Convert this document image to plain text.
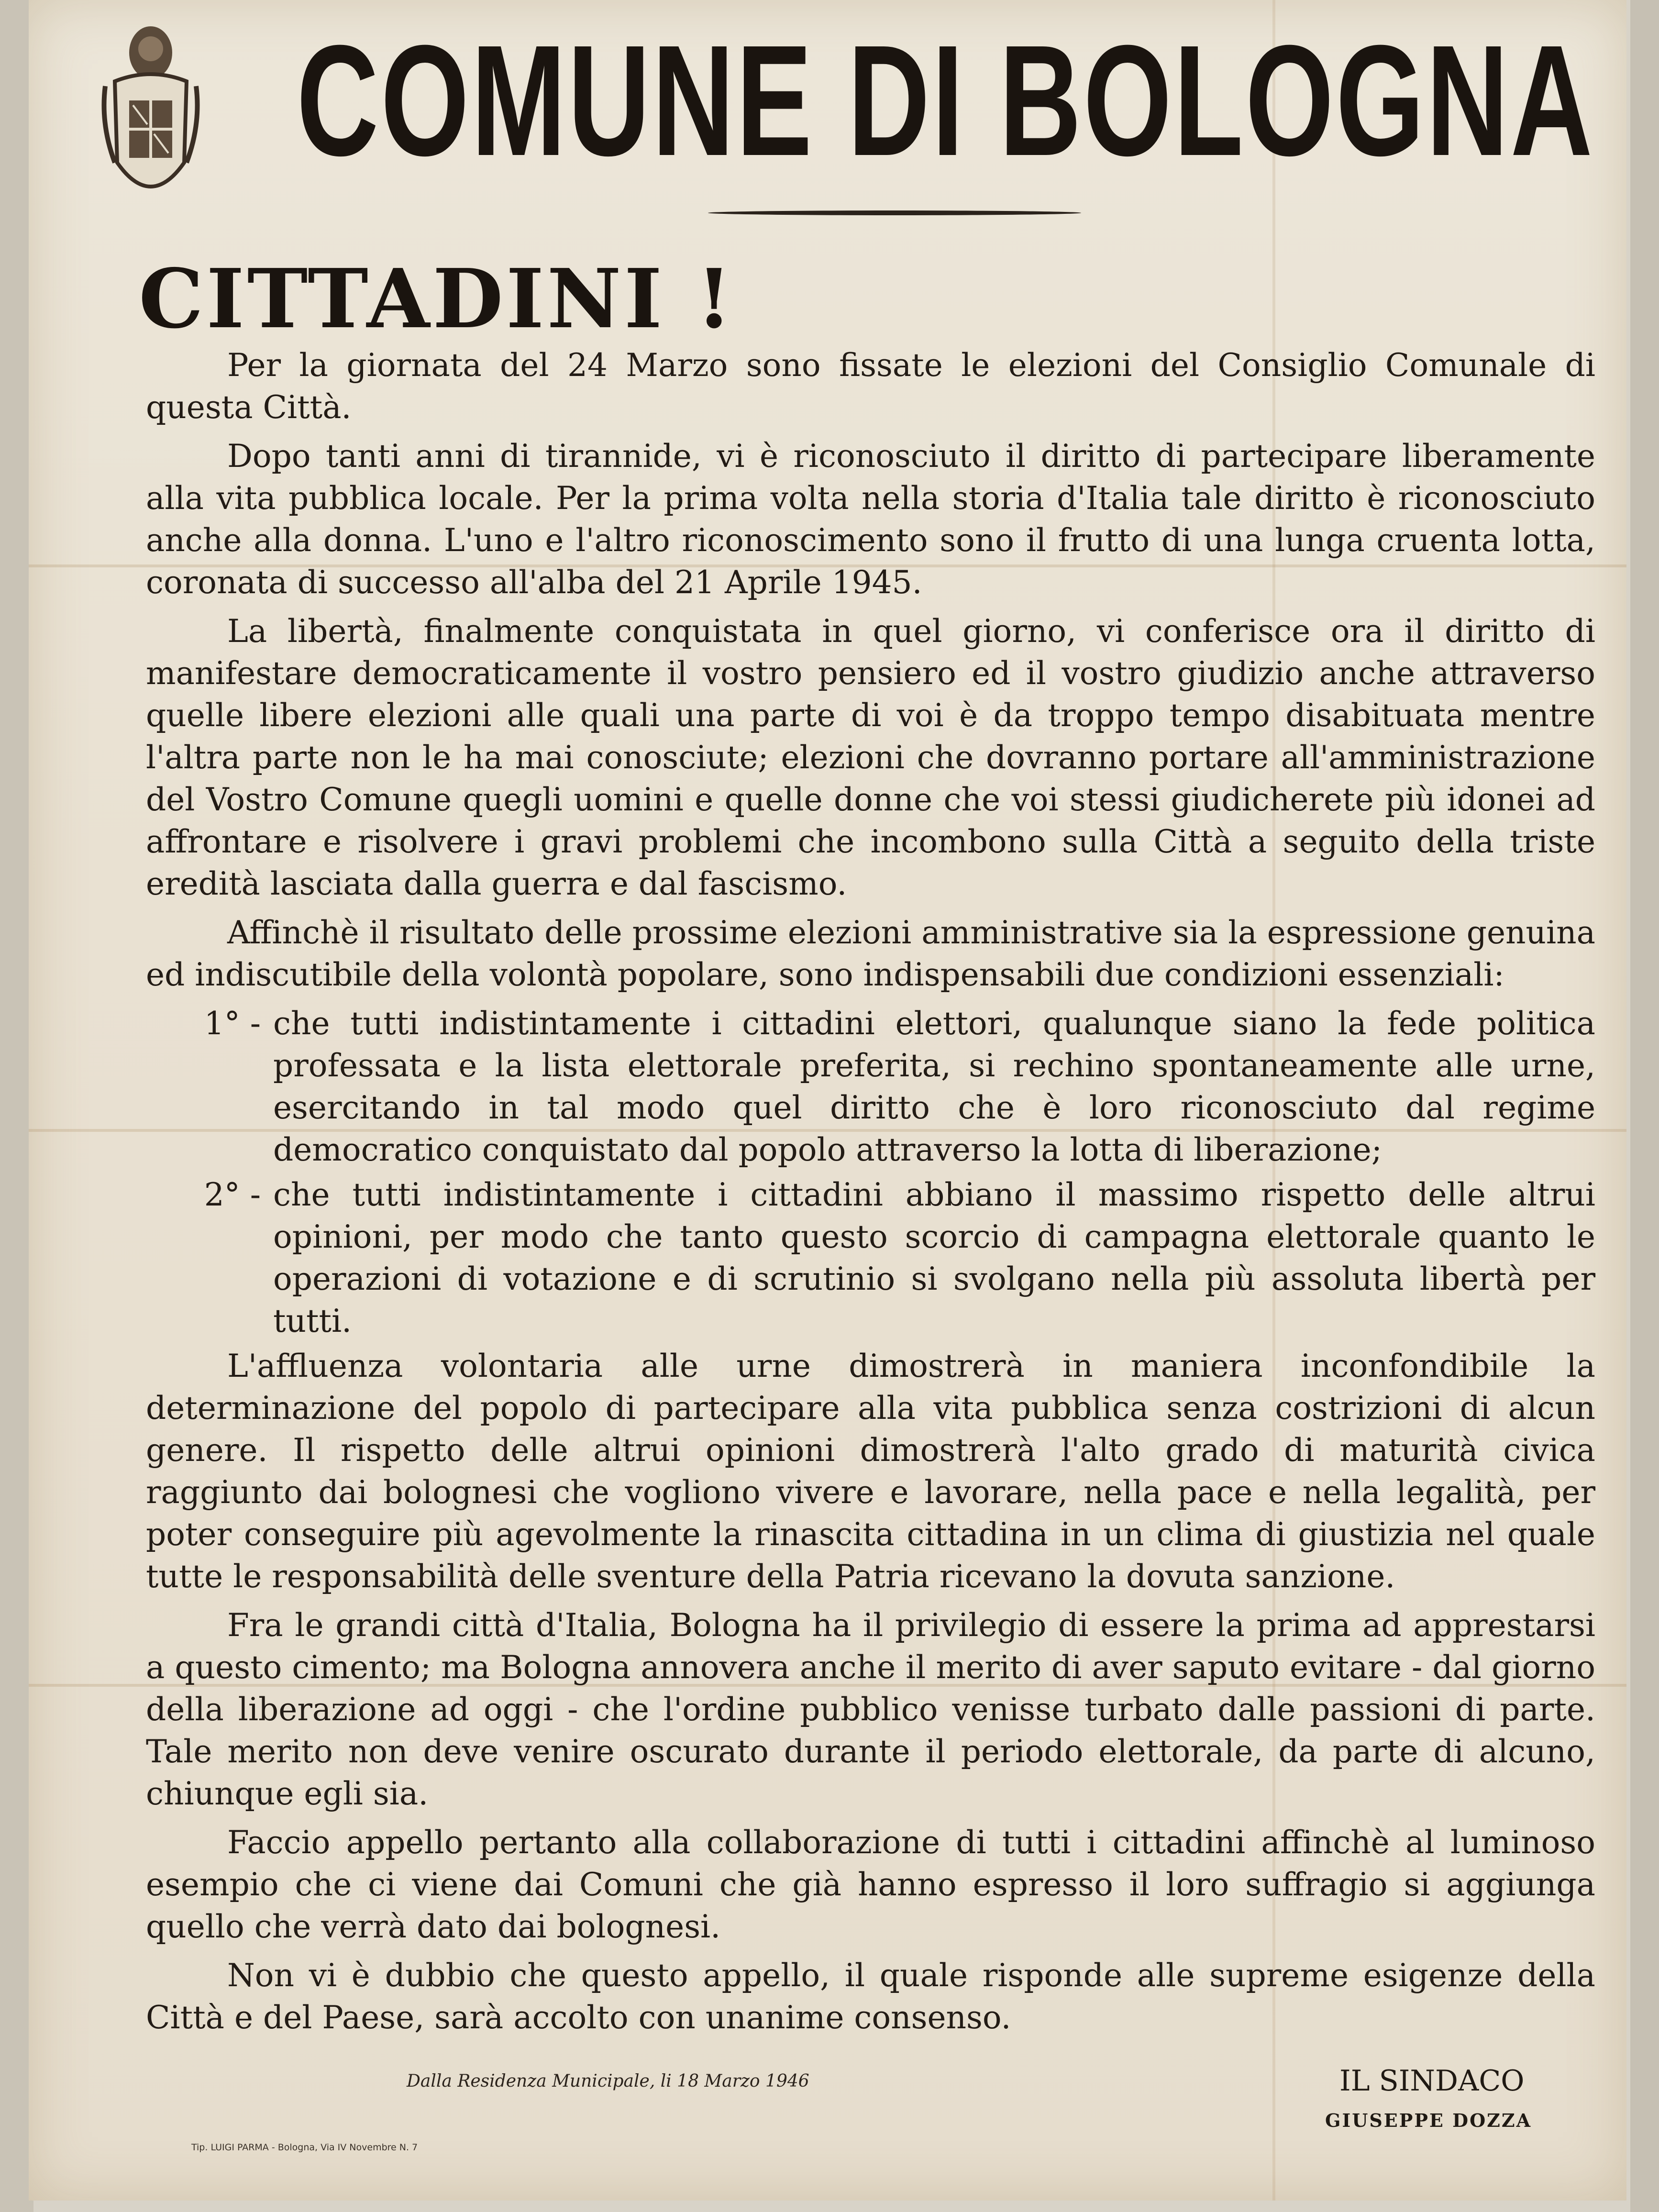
COMUNE DI BOLOGNA
CITTADINI !

Per la giornata del 24 Marzo sono fissate le elezioni del Consiglio Comunale di questa Città.

Dopo tanti anni di tirannide, vi è riconosciuto il diritto di partecipare liberamente alla vita pubblica locale. Per la prima volta nella storia d'Italia tale diritto è riconosciuto anche alla donna. L'uno e l'altro riconoscimento sono il frutto di una lunga cruenta lotta, coronata di successo all'alba del 21 Aprile 1945.

La libertà, finalmente conquistata in quel giorno, vi conferisce ora il diritto di manifestare democraticamente il vostro pensiero ed il vostro giudizio anche attraverso quelle libere elezioni alle quali una parte di voi è da troppo tempo disabituata mentre l'altra parte non le ha mai conosciute; elezioni che dovranno portare all'amministrazione del Vostro Comune quegli uomini e quelle donne che voi stessi giudicherete più idonei ad affrontare e risolvere i gravi problemi che incombono sulla Città a seguito della triste eredità lasciata dalla guerra e dal fascismo.

Affinchè il risultato delle prossime elezioni amministrative sia la espressione genuina ed indiscutibile della volontà popolare, sono indispensabili due condizioni essenziali:

1° - che tutti indistintamente i cittadini elettori, qualunque siano la fede politica professata e la lista elettorale preferita, si rechino spontaneamente alle urne, esercitando in tal modo quel diritto che è loro riconosciuto dal regime democratico conquistato dal popolo attraverso la lotta di liberazione;
2° - che tutti indistintamente i cittadini abbiano il massimo rispetto delle altrui opinioni, per modo che tanto questo scorcio di campagna elettorale quanto le operazioni di votazione e di scrutinio si svolgano nella più assoluta libertà per tutti.

L'affluenza volontaria alle urne dimostrerà in maniera inconfondibile la determinazione del popolo di partecipare alla vita pubblica senza costrizioni di alcun genere. Il rispetto delle altrui opinioni dimostrerà l'alto grado di maturità civica raggiunto dai bolognesi che vogliono vivere e lavorare, nella pace e nella legalità, per poter conseguire più agevolmente la rinascita cittadina in un clima di giustizia nel quale tutte le responsabilità delle sventure della Patria ricevano la dovuta sanzione.

Fra le grandi città d'Italia, Bologna ha il privilegio di essere la prima ad apprestarsi a questo cimento; ma Bologna annovera anche il merito di aver saputo evitare - dal giorno della liberazione ad oggi - che l'ordine pubblico venisse turbato dalle passioni di parte. Tale merito non deve venire oscurato durante il periodo elettorale, da parte di alcuno, chiunque egli sia.

Faccio appello pertanto alla collaborazione di tutti i cittadini affinchè al luminoso esempio che ci viene dai Comuni che già hanno espresso il loro suffragio si aggiunga quello che verrà dato dai bolognesi.

Non vi è dubbio che questo appello, il quale risponde alle supreme esigenze della Città e del Paese, sarà accolto con unanime consenso.

Dalla Residenza Municipale, li 18 Marzo 1946
Tip. LUIGI PARMA - Bologna, Via IV Novembre N. 7
IL SINDACO
GIUSEPPE DOZZA
